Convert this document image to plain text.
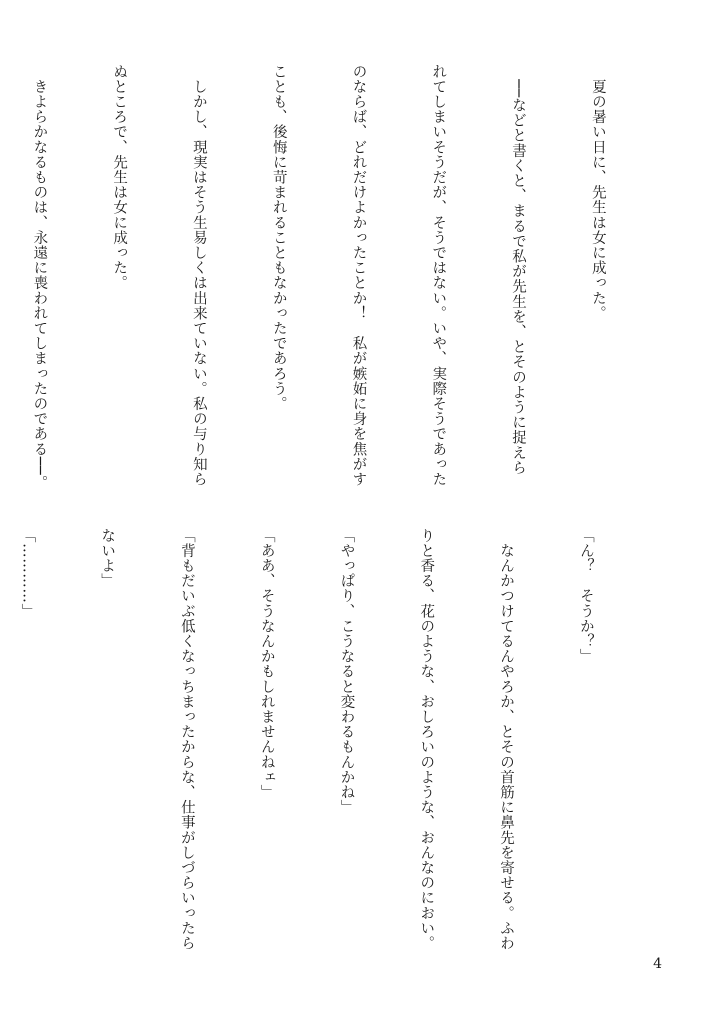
　夏の暑い日に、先生は女に成った。

　──などと書くと、まるで私が先生を、とそのように捉えら

れてしまいそうだが、そうではない。いや、実際そうであった

のならば、どれだけよかったことか！　私が嫉妬に身を焦がす

ことも、後悔に苛まれることもなかったであろう。

　しかし、現実はそう生易しくは出来ていない。私の与り知ら

ぬところで、先生は女に成った。

　きよらかなるものは、永遠に喪われてしまったのである──。

「ん？　そうか？」

　なんかつけてるんやろか、とその首筋に鼻先を寄せる。ふわ

りと香る、花のような、おしろいのような、おんなのにおい。

「やっぱり、こうなると変わるもんかね」

「ああ、そうなんかもしれませんねェ」

「背もだいぶ低くなっちまったからな、仕事がしづらいったら

ないよ」

「…………」

4
